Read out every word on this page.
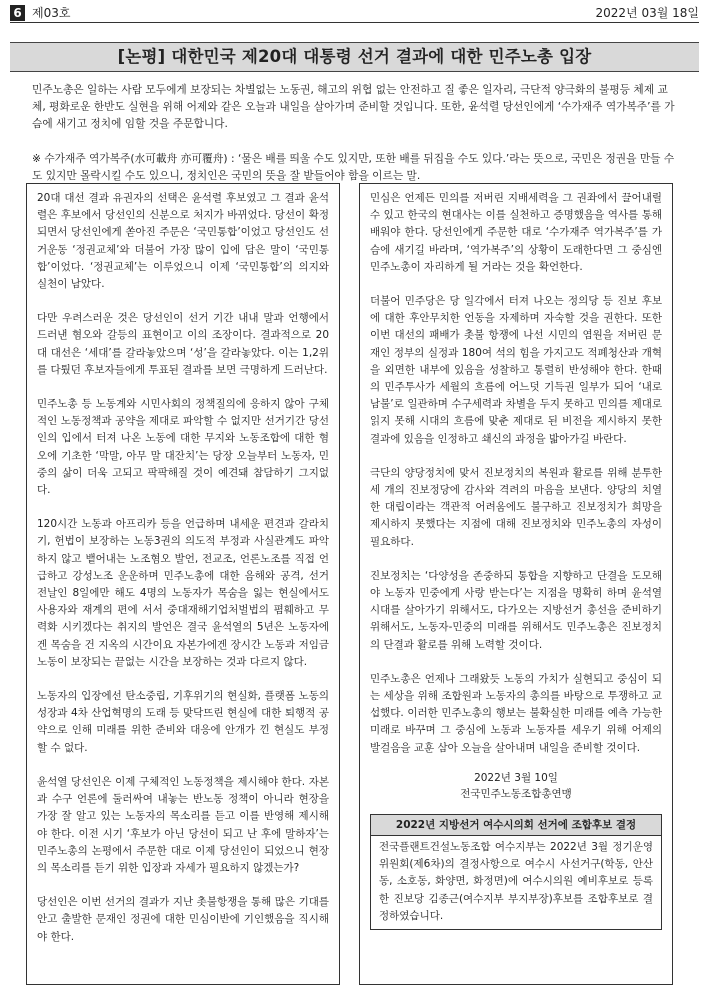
6 제03호	2022년 03월 18일
[논평] 대한민국 제20대 대통령 선거 결과에 대한 민주노총 입장

민주노총은 일하는 사람 모두에게 보장되는 차별없는 노동권, 해고의 위협 없는 안전하고 질 좋은 일자리, 극단적 양극화의 불평등 체제 교체, 평화로운 한반도 실현을 위해 어제와 같은 오늘과 내일을 살아가며 준비할 것입니다. 또한, 윤석렬 당선인에게 ‘수가재주 역가복주’를 가슴에 새기고 정치에 임할 것을 주문합니다.

※ 수가재주 역가복주(水可載舟 亦可覆舟) : ‘물은 배를 띄울 수도 있지만, 또한 배를 뒤집을 수도 있다.’라는 뜻으로, 국민은 정권을 만들 수도 있지만 몰락시킬 수도 있으니, 정치인은 국민의 뜻을 잘 받들어야 함을 이르는 말.

20대 대선 결과 유권자의 선택은 윤석렬 후보였고 그 결과 윤석렬은 후보에서 당선인의 신분으로 처지가 바뀌었다. 당선이 확정되면서 당선인에게 쏟아진 주문은 ‘국민통합’이었고 당선인도 선거운동 ‘정권교체’와 더불어 가장 많이 입에 담은 말이 ‘국민통합’이었다. ‘정권교체’는 이루었으니 이제 ‘국민통합’의 의지와 실천이 남았다.

다만 우려스러운 것은 당선인이 선거 기간 내내 말과 언행에서 드러낸 혐오와 갈등의 표현이고 이의 조장이다. 결과적으로 20대 대선은 ‘세대’를 갈라놓았으며 ‘성’을 갈라놓았다. 이는 1,2위를 다퉜던 후보자들에게 투표된 결과를 보면 극명하게 드러난다.

민주노총 등 노동계와 시민사회의 정책질의에 응하지 않아 구체적인 노동정책과 공약을 제대로 파악할 수 없지만 선거기간 당선인의 입에서 터져 나온 노동에 대한 무지와 노동조합에 대한 혐오에 기초한 ‘막말, 아무 말 대잔치’는 당장 오늘부터 노동자, 민중의 삶이 더욱 고되고 팍팍해질 것이 예견돼 참담하기 그지없다.

120시간 노동과 아프리카 등을 언급하며 내세운 편견과 갈라치기, 헌법이 보장하는 노동3권의 의도적 부정과 사실관계도 파악하지 않고 뱉어내는 노조혐오 발언, 전교조, 언론노조를 직접 언급하고 강성노조 운운하며 민주노총에 대한 음해와 공격, 선거 전날인 8일에만 해도 4명의 노동자가 목숨을 잃는 현실에서도 사용자와 재계의 편에 서서 중대재해기업처벌법의 폄훼하고 무력화 시키겠다는 취지의 발언은 결국 윤석열의 5년은 노동자에겐 목숨을 건 지옥의 시간이요 자본가에겐 장시간 노동과 저임금 노동이 보장되는 끝없는 시간을 보장하는 것과 다르지 않다.

노동자의 입장에선 탄소중립, 기후위기의 현실화, 플랫폼 노동의 성장과 4차 산업혁명의 도래 등 맞닥뜨린 현실에 대한 퇴행적 공약으로 인해 미래를 위한 준비와 대응에 안개가 낀 현실도 부정할 수 없다.

윤석열 당선인은 이제 구체적인 노동정책을 제시해야 한다. 자본과 수구 언론에 둘러싸여 내놓는 반노동 정책이 아니라 현장을 가장 잘 알고 있는 노동자의 목소리를 듣고 이를 반영해 제시해야 한다. 이전 시기 ‘후보가 아닌 당선이 되고 난 후에 말하자’는 민주노총의 논평에서 주문한 대로 이제 당선인이 되었으니 현장의 목소리를 듣기 위한 입장과 자세가 필요하지 않겠는가?

당선인은 이번 선거의 결과가 지난 촛불항쟁을 통해 많은 기대를 안고 출발한 문재인 정권에 대한 민심이반에 기인했음을 직시해야 한다.

민심은 언제든 민의를 저버린 지배세력을 그 권좌에서 끌어내릴 수 있고 한국의 현대사는 이를 실천하고 증명했음을 역사를 통해 배워야 한다. 당선인에게 주문한 대로 ‘수가재주 역가복주’를 가슴에 새기길 바라며, ‘역가복주’의 상황이 도래한다면 그 중심엔 민주노총이 자리하게 될 거라는 것을 확언한다.

더불어 민주당은 당 일각에서 터져 나오는 정의당 등 진보 후보에 대한 후안무치한 언동을 자제하며 자숙할 것을 권한다. 또한 이번 대선의 패배가 촛불 항쟁에 나선 시민의 염원을 저버린 문재인 정부의 실정과 180여 석의 힘을 가지고도 적폐청산과 개혁을 외면한 내부에 있음을 성찰하고 통렬히 반성해야 한다. 한때의 민주투사가 세월의 흐름에 어느덧 기득권 일부가 되어 ‘내로남불’로 일관하며 수구세력과 차별을 두지 못하고 민의를 제대로 읽지 못해 시대의 흐름에 맞춘 제대로 된 비전을 제시하지 못한 결과에 있음을 인정하고 쇄신의 과정을 밟아가길 바란다.

극단의 양당정치에 맞서 진보정치의 복원과 활로를 위해 분투한 세 개의 진보정당에 감사와 격려의 마음을 보낸다. 양당의 치열한 대립이라는 객관적 어려움에도 불구하고 진보정치가 희망을 제시하지 못했다는 지점에 대해 진보정치와 민주노총의 자성이 필요하다.

진보정치는 ‘다양성을 존중하되 통합을 지향하고 단결을 도모해야 노동자 민중에게 사랑 받는다’는 지점을 명확히 하며 윤석열 시대를 살아가기 위해서도, 다가오는 지방선거 총선을 준비하기 위해서도, 노동자-민중의 미래를 위해서도 민주노총은 진보정치의 단결과 활로를 위해 노력할 것이다.

민주노총은 언제나 그래왔듯 노동의 가치가 실현되고 중심이 되는 세상을 위해 조합원과 노동자의 총의를 바탕으로 투쟁하고 교섭했다. 이러한 민주노총의 행보는 불확실한 미래를 예측 가능한 미래로 바꾸며 그 중심에 노동과 노동자를 세우기 위해 어제의 발걸음을 교훈 삼아 오늘을 살아내며 내일을 준비할 것이다.

2022년 3월 10일
전국민주노동조합총연맹
2022년 지방선거 여수시의회 선거에 조합후보 결정
전국플랜트건설노동조합 여수지부는 2022년 3월 정기운영위원회(제6차)의 결정사항으로 여수시 사선거구(학동, 안산동, 소호동, 화양면, 화정면)에 여수시의원 예비후보로 등록한 진보당 김종근(여수지부 부지부장)후보를 조합후보로 결정하였습니다.
